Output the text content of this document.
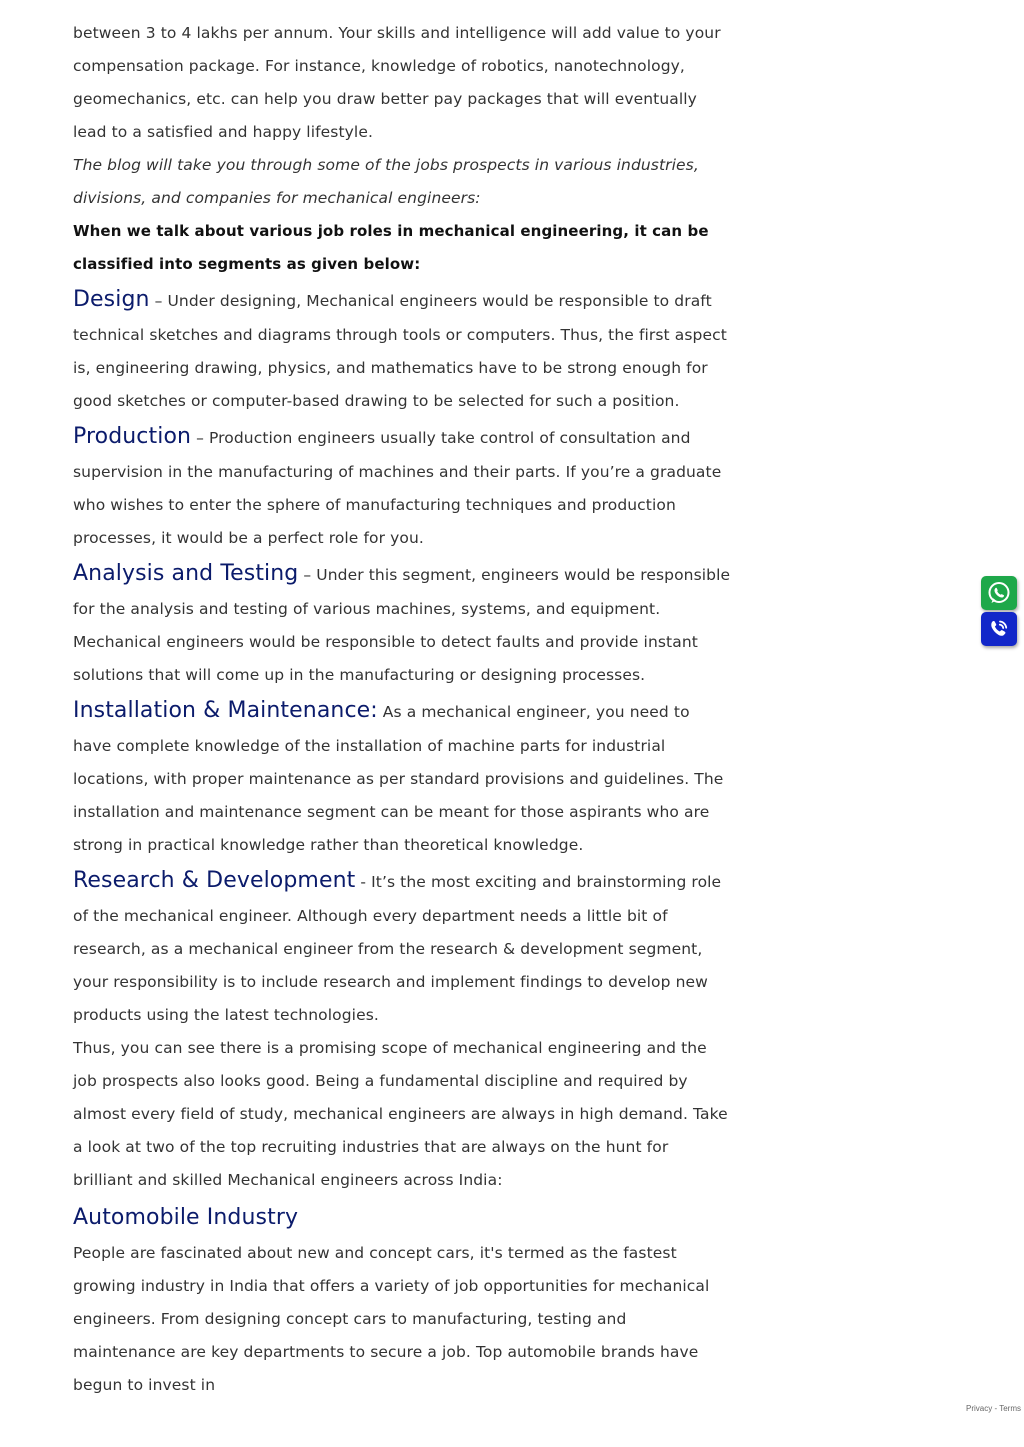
between 3 to 4 lakhs per annum. Your skills and intelligence will add value to your compensation package. For instance, knowledge of robotics, nanotechnology, geomechanics, etc. can help you draw better pay packages that will eventually lead to a satisfied and happy lifestyle.

The blog will take you through some of the jobs prospects in various industries, divisions, and companies for mechanical engineers:

When we talk about various job roles in mechanical engineering, it can be classified into segments as given below:

Design – Under designing, Mechanical engineers would be responsible to draft technical sketches and diagrams through tools or computers. Thus, the first aspect is, engineering drawing, physics, and mathematics have to be strong enough for good sketches or computer-based drawing to be selected for such a position.

Production – Production engineers usually take control of consultation and supervision in the manufacturing of machines and their parts. If you’re a graduate who wishes to enter the sphere of manufacturing techniques and production processes, it would be a perfect role for you.

Analysis and Testing – Under this segment, engineers would be responsible for the analysis and testing of various machines, systems, and equipment. Mechanical engineers would be responsible to detect faults and provide instant solutions that will come up in the manufacturing or designing processes.

Installation & Maintenance: As a mechanical engineer, you need to have complete knowledge of the installation of machine parts for industrial locations, with proper maintenance as per standard provisions and guidelines. The installation and maintenance segment can be meant for those aspirants who are strong in practical knowledge rather than theoretical knowledge.

Research & Development - It’s the most exciting and brainstorming role of the mechanical engineer. Although every department needs a little bit of research, as a mechanical engineer from the research & development segment, your responsibility is to include research and implement findings to develop new products using the latest technologies.

Thus, you can see there is a promising scope of mechanical engineering and the job prospects also looks good. Being a fundamental discipline and required by almost every field of study, mechanical engineers are always in high demand. Take a look at two of the top recruiting industries that are always on the hunt for brilliant and skilled Mechanical engineers across India:

Automobile Industry

People are fascinated about new and concept cars, it's termed as the fastest growing industry in India that offers a variety of job opportunities for mechanical engineers. From designing concept cars to manufacturing, testing and maintenance are key departments to secure a job. Top automobile brands have begun to invest in

Privacy - Terms
